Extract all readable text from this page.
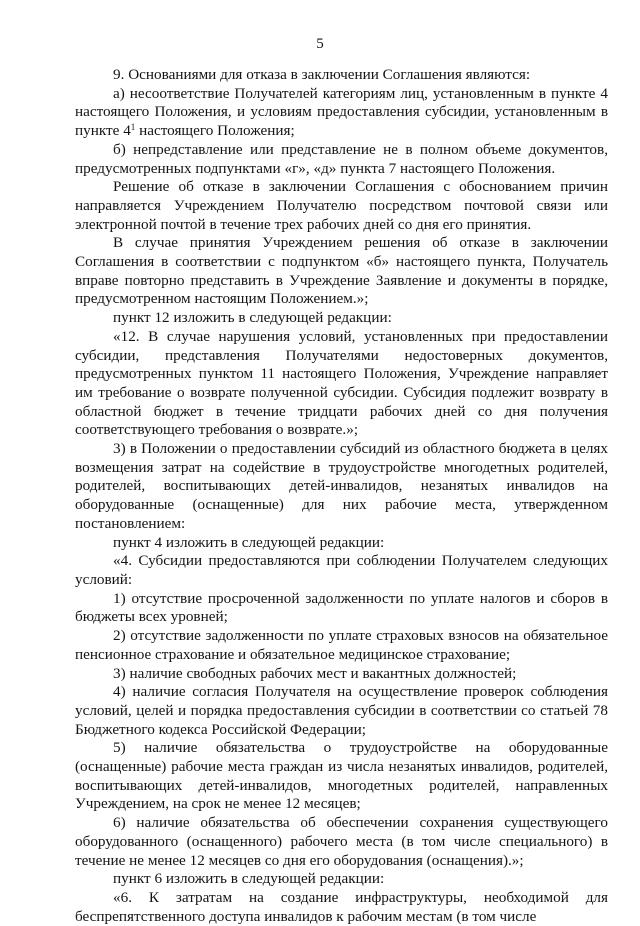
5

9. Основаниями для отказа в заключении Соглашения являются:

а) несоответствие Получателей категориям лиц, установленным в пункте 4 настоящего Положения, и условиям предоставления субсидии, установленным в пункте $4^1$ настоящего Положения;

б) непредставление или представление не в полном объеме документов, предусмотренных подпунктами «г», «д» пункта 7 настоящего Положения.

Решение об отказе в заключении Соглашения с обоснованием причин направляется Учреждением Получателю посредством почтовой связи или электронной почтой в течение трех рабочих дней со дня его принятия.

В случае принятия Учреждением решения об отказе в заключении Соглашения в соответствии с подпунктом «б» настоящего пункта, Получатель вправе повторно представить в Учреждение Заявление и документы в порядке, предусмотренном настоящим Положением.»;

пункт 12 изложить в следующей редакции:

«12. В случае нарушения условий, установленных при предоставлении субсидии, представления Получателями недостоверных документов, предусмотренных пунктом 11 настоящего Положения, Учреждение направляет им требование о возврате полученной субсидии. Субсидия подлежит возврату в областной бюджет в течение тридцати рабочих дней со дня получения соответствующего требования о возврате.»;

3) в Положении о предоставлении субсидий из областного бюджета в целях возмещения затрат на содействие в трудоустройстве многодетных родителей, родителей, воспитывающих детей-инвалидов, незанятых инвалидов на оборудованные (оснащенные) для них рабочие места, утвержденном постановлением:

пункт 4 изложить в следующей редакции:

«4. Субсидии предоставляются при соблюдении Получателем следующих условий:

1) отсутствие просроченной задолженности по уплате налогов и сборов в бюджеты всех уровней;

2) отсутствие задолженности по уплате страховых взносов на обязательное пенсионное страхование и обязательное медицинское страхование;

3) наличие свободных рабочих мест и вакантных должностей;

4) наличие согласия Получателя на осуществление проверок соблюдения условий, целей и порядка предоставления субсидии в соответствии со статьей 78 Бюджетного кодекса Российской Федерации;

5) наличие обязательства о трудоустройстве на оборудованные (оснащенные) рабочие места граждан из числа незанятых инвалидов, родителей, воспитывающих детей-инвалидов, многодетных родителей, направленных Учреждением, на срок не менее 12 месяцев;

6) наличие обязательства об обеспечении сохранения существующего оборудованного (оснащенного) рабочего места (в том числе специального) в течение не менее 12 месяцев со дня его оборудования (оснащения).»;

пункт 6 изложить в следующей редакции:

«6. К затратам на создание инфраструктуры, необходимой для беспрепятственного доступа инвалидов к рабочим местам (в том числе
